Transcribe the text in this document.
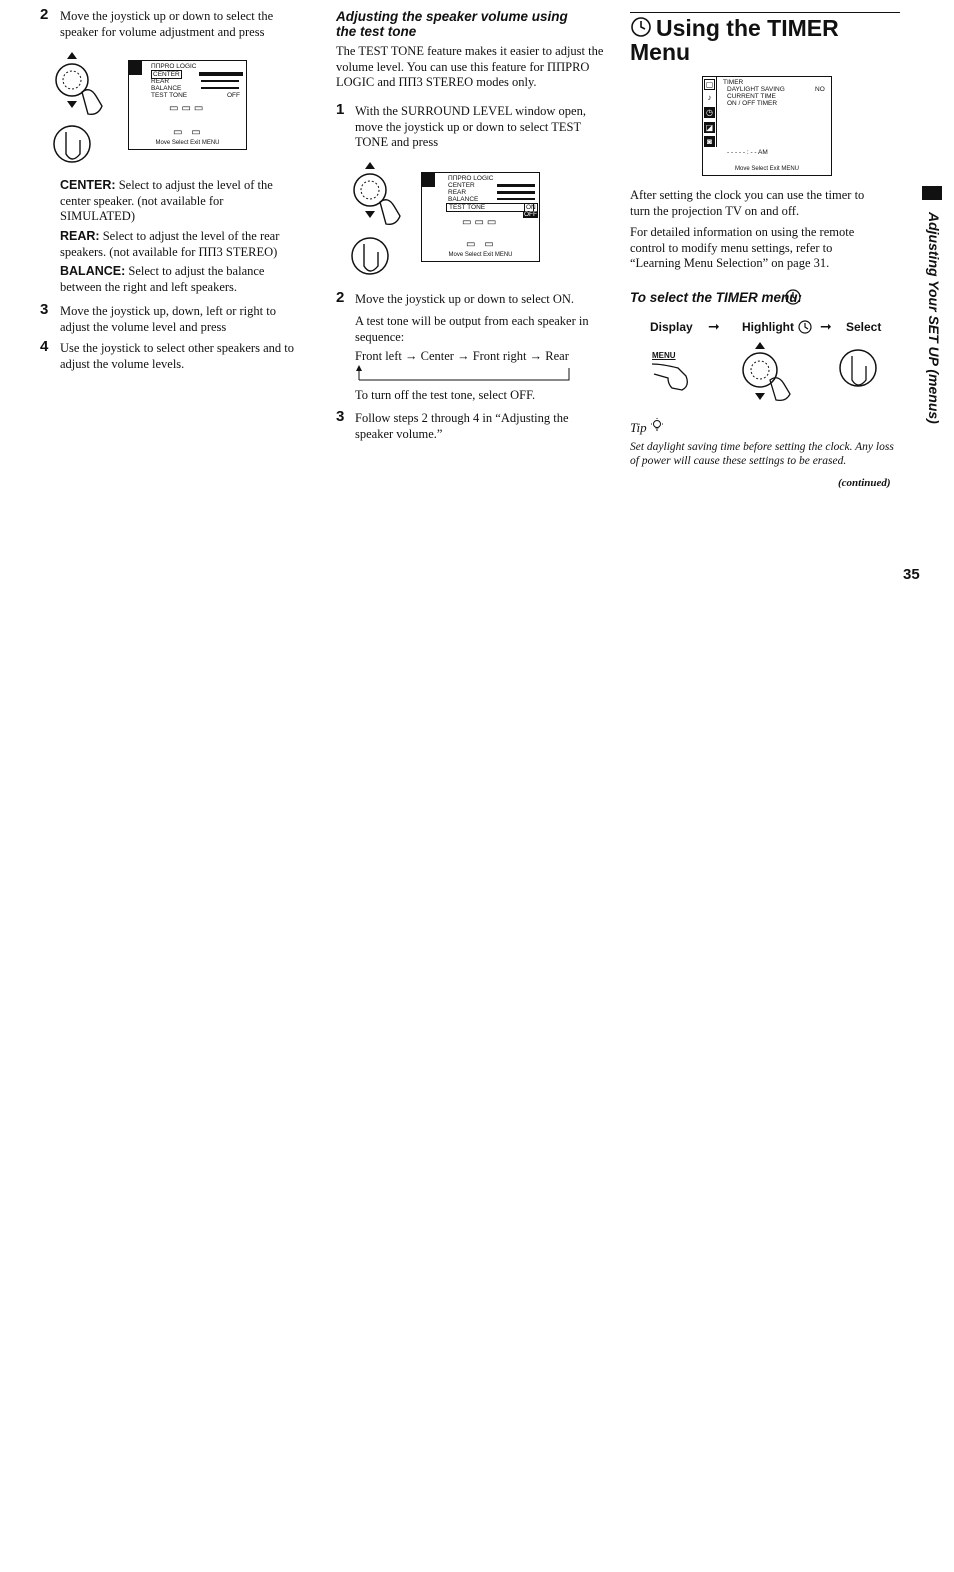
2 Move the joystick up or down to select the speaker for volume adjustment and press
ΠΠPRO LOGIC
CENTER
REAR
BALANCE
TEST TONE	OFF
▭▭▭
▭ ▭
Move Select Exit MENU
CENTER: Select to adjust the level of the center speaker. (not available for SIMULATED)
REAR: Select to adjust the level of the rear speakers. (not available for ΠΠ3 STEREO)
BALANCE: Select to adjust the balance between the right and left speakers.
3 Move the joystick up, down, left or right to adjust the volume level and press
4 Use the joystick to select other speakers and to adjust the volume levels.
Adjusting the speaker volume using the test tone
The TEST TONE feature makes it easier to adjust the volume level. You can use this feature for ΠΠPRO LOGIC and ΠΠ3 STEREO modes only.
1 With the SURROUND LEVEL window open, move the joystick up or down to select TEST TONE and press
ΠΠPRO LOGIC
CENTER
REAR
BALANCE
TEST TONE	ON
OFF
▭▭▭
▭ ▭
Move Select Exit MENU
2 Move the joystick up or down to select ON.
A test tone will be output from each speaker in sequence:
Front left → Center → Front right → Rear
To turn off the test tone, select OFF.
3 Follow steps 2 through 4 in “Adjusting the speaker volume.”
Using the TIMER Menu
▢
♪
◷
◪
◙
TIMER
DAYLIGHT SAVING	NO
CURRENT TIME
ON / OFF TIMER
- - - - - : - - AM
Move Select Exit MENU
After setting the clock you can use the timer to turn the projection TV on and off.
For detailed information on using the remote control to modify menu settings, refer to “Learning Menu Selection” on page 31.
To select the TIMER menu:
Display ➞ Highlight ➞ Select
MENU
Tip
Set daylight saving time before setting the clock. Any loss of power will cause these settings to be erased.
(continued)
Adjusting Your SET UP (menus)
35
